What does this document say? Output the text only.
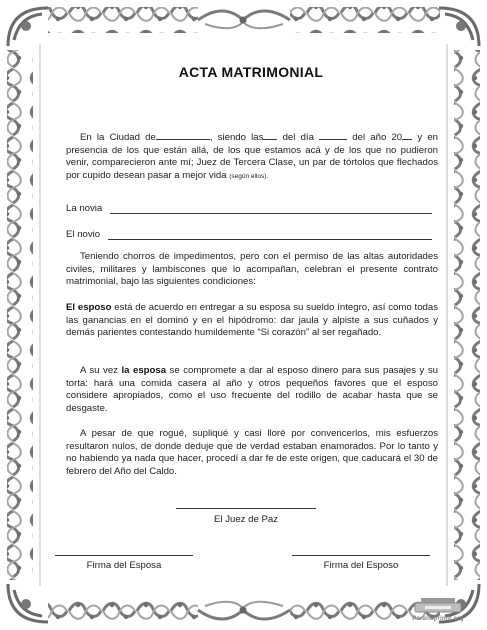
ACTA MATRIMONIAL

En la Ciudad de	, siendo las del día	del año 20 y en presencia de los que están allá, de los que estamos acá y de los que no pudieron venir, comparecieron ante mí; Juez de Tercera Clase, un par de tórtolos que flechados por cupido desean pasar a mejor vida (según ellos).

La novia
El novio

Teniendo chorros de impedimentos, pero con el permiso de las altas autoridades civiles, militares y lambiscones que lo acompañan, celebran el presente contrato matrimonial, bajo las siguientes condiciones:

El esposo está de acuerdo en entregar a su esposa su sueldo íntegro, así como todas las ganancias en el dominó y en el hipódromo: dar jaula y alpiste a sus cuñados y demás parientes contestando humildemente “Si corazón” al ser regañado.

A su vez la esposa se compromete a dar al esposo dinero para sus pasajes y su torta: hará una comida casera al año y otros pequeños favores que el esposo considere apropiados, como el uso frecuente del rodillo de acabar hasta que se desgaste.

A pesar de que rogué, supliqué y casi lloré por convencerlos, mis esfuerzos resultaron nulos, de donde deduje que de verdad estaban enamorados. Por lo tanto y no habiendo ya nada que hacer, procedí a dar fe de este origen, que caducará el 30 de febrero del Año del Caldo.

El Juez de Paz
Firma del Esposa	Firma del Esposo
ParaImprimir.org
